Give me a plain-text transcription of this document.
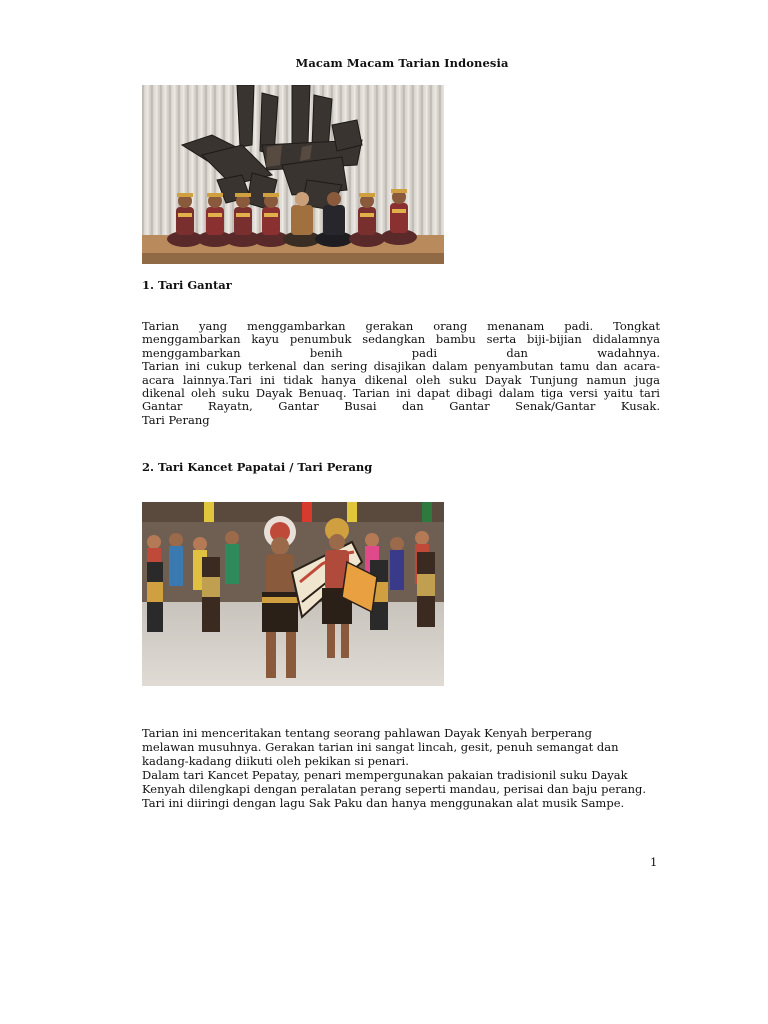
Macam Macam Tarian Indonesia
1. Tari Gantar
Tarian yang menggambarkan gerakan orang menanam padi. Tongkat
menggambarkan kayu penumbuk sedangkan bambu serta biji-bijian didalamnya
menggambarkan benih padi dan wadahnya.
Tarian ini cukup terkenal dan sering disajikan dalam penyambutan tamu dan acara-
acara lainnya.Tari ini tidak hanya dikenal oleh suku Dayak Tunjung namun juga
dikenal oleh suku Dayak Benuaq. Tarian ini dapat dibagi dalam tiga versi yaitu tari
Gantar Rayatn, Gantar Busai dan Gantar Senak/Gantar Kusak.
Tari Perang
2. Tari Kancet Papatai / Tari Perang
Tarian ini menceritakan tentang seorang pahlawan Dayak Kenyah berperang
melawan musuhnya. Gerakan tarian ini sangat lincah, gesit, penuh semangat dan
kadang-kadang diikuti oleh pekikan si penari.
Dalam tari Kancet Pepatay, penari mempergunakan pakaian tradisionil suku Dayak
Kenyah dilengkapi dengan peralatan perang seperti mandau, perisai dan baju perang.
Tari ini diiringi dengan lagu Sak Paku dan hanya menggunakan alat musik Sampe.
1
